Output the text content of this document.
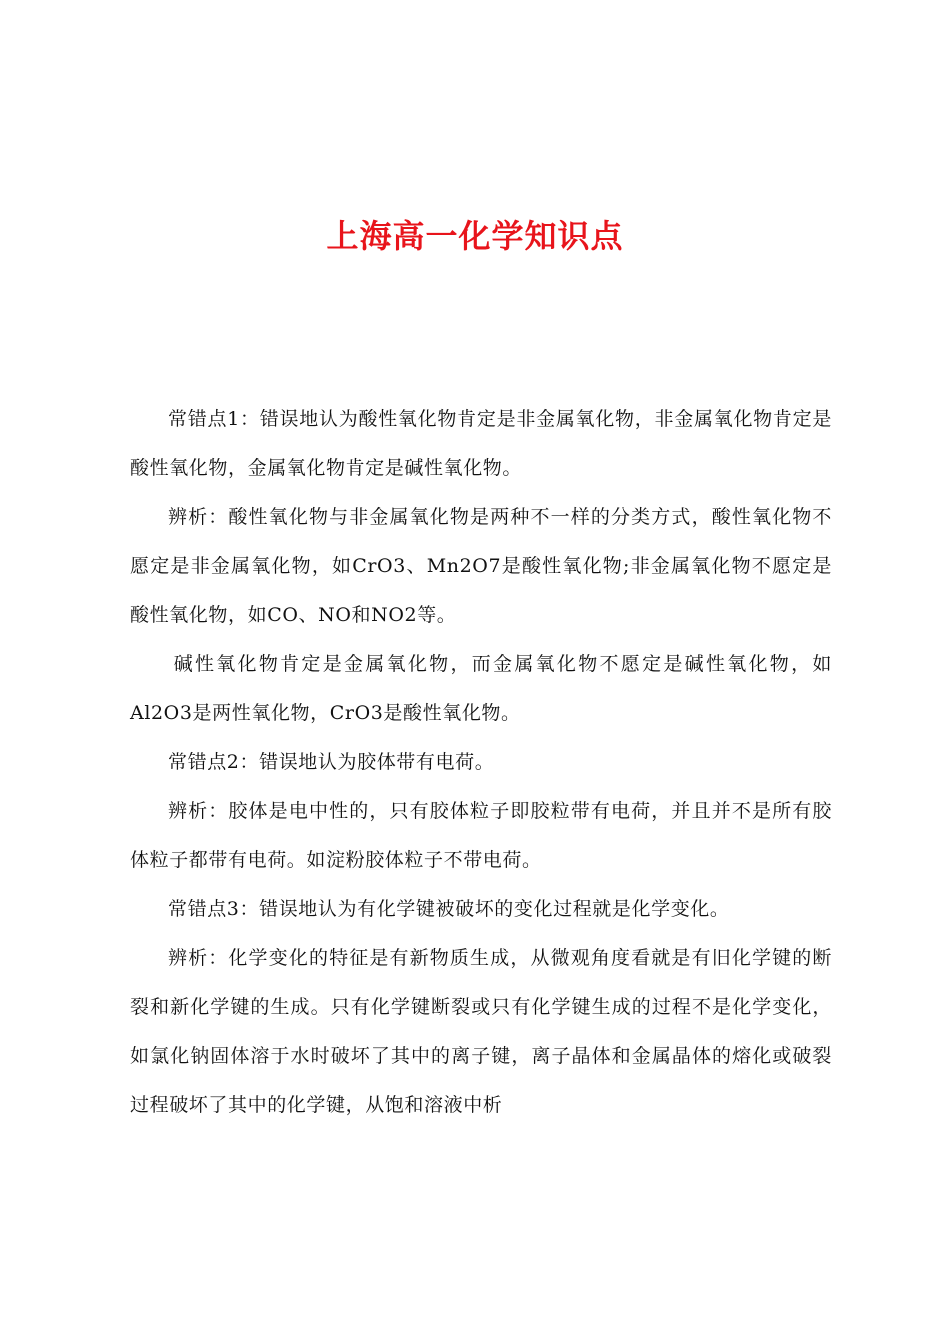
上海高一化学知识点

常错点1：错误地认为酸性氧化物肯定是非金属氧化物，非金属氧化物肯定是酸性氧化物，金属氧化物肯定是碱性氧化物。

辨析：酸性氧化物与非金属氧化物是两种不一样的分类方式，酸性氧化物不愿定是非金属氧化物，如CrO3、Mn2O7是酸性氧化物;非金属氧化物不愿定是酸性氧化物，如CO、NO和NO2等。

碱性氧化物肯定是金属氧化物，而金属氧化物不愿定是碱性氧化物，如Al2O3是两性氧化物，CrO3是酸性氧化物。

常错点2：错误地认为胶体带有电荷。

辨析：胶体是电中性的，只有胶体粒子即胶粒带有电荷，并且并不是所有胶体粒子都带有电荷。如淀粉胶体粒子不带电荷。

常错点3：错误地认为有化学键被破坏的变化过程就是化学变化。

辨析：化学变化的特征是有新物质生成，从微观角度看就是有旧化学键的断裂和新化学键的生成。只有化学键断裂或只有化学键生成的过程不是化学变化，如氯化钠固体溶于水时破坏了其中的离子键，离子晶体和金属晶体的熔化或破裂过程破坏了其中的化学键，从饱和溶液中析
